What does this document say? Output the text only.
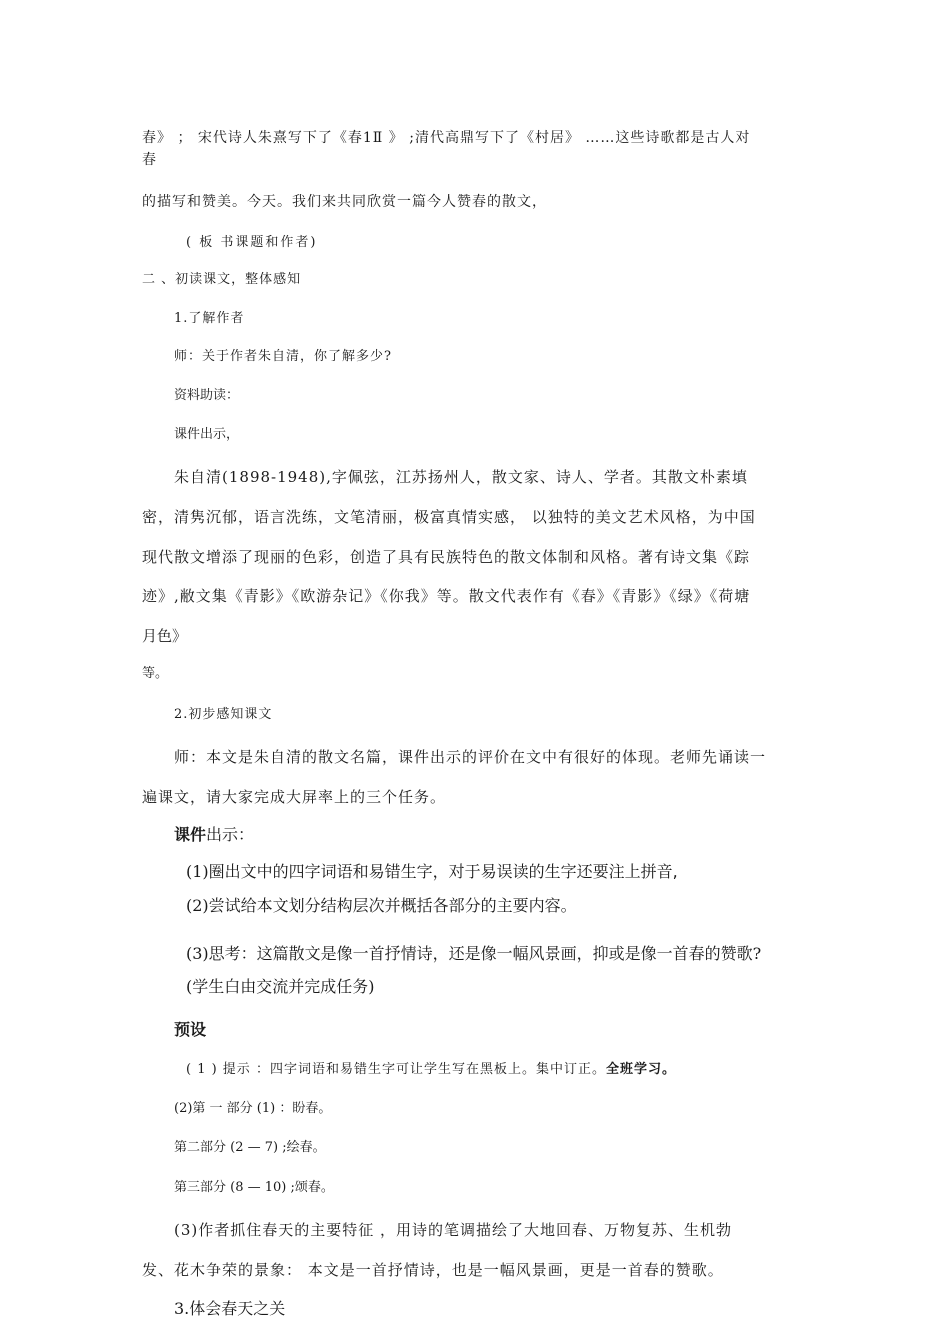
春》 ； 宋代诗人朱熹写下了《春1Ⅱ 》 ;清代高鼎写下了《村居》 ……这些诗歌都是古人对
春
的描写和赞美。今天。我们来共同欣赏一篇今人赞春的散文，
( 板 书课题和作者)
二 、初读课文，整体感知
1.了解作者
师：关于作者朱自清，你了解多少?
资料助读：
课件出示，
朱自清(1898-1948),字佩弦，江苏扬州人，散文家、诗人、学者。其散文朴素填
密，清隽沉郁，语言洗练，文笔清丽，极富真情实感， 以独特的美文艺术风格，为中国
现代散文增添了现丽的色彩，创造了具有民族特色的散文体制和风格。著有诗文集《踪
迹》,敝文集《青影》《欧游杂记》《你我》等。散文代表作有《春》《青影》《绿》《荷塘
月色》
等。
2.初步感知课文
师：本文是朱自清的散文名篇，课件出示的评价在文中有很好的体现。老师先诵读一
遍课文，请大家完成大屏率上的三个任务。
课件出示：
(1)圈出文中的四字词语和易错生字，对于易误读的生字还要注上拼音,
(2)尝试给本文划分结构层次并概括各部分的主要内容。
(3)思考：这篇散文是像一首抒情诗，还是像一幅风景画，抑或是像一首春的赞歌?
(学生白由交流并完成任务)
预设
( 1 ) 提示 ：四字词语和易错生字可让学生写在黑板上。集中订正。全班学习。
(2)第 一 部分 (1) ：盼春。
第二部分 (2 — 7) ;绘春。
第三部分 (8 — 10) ;颂春。
(3)作者抓住春天的主要特征 ，用诗的笔调描绘了大地回春、万物复苏、生机勃
发、花木争荣的景象： 本文是一首抒情诗，也是一幅风景画，更是一首春的赞歌。
3.体会春天之关
